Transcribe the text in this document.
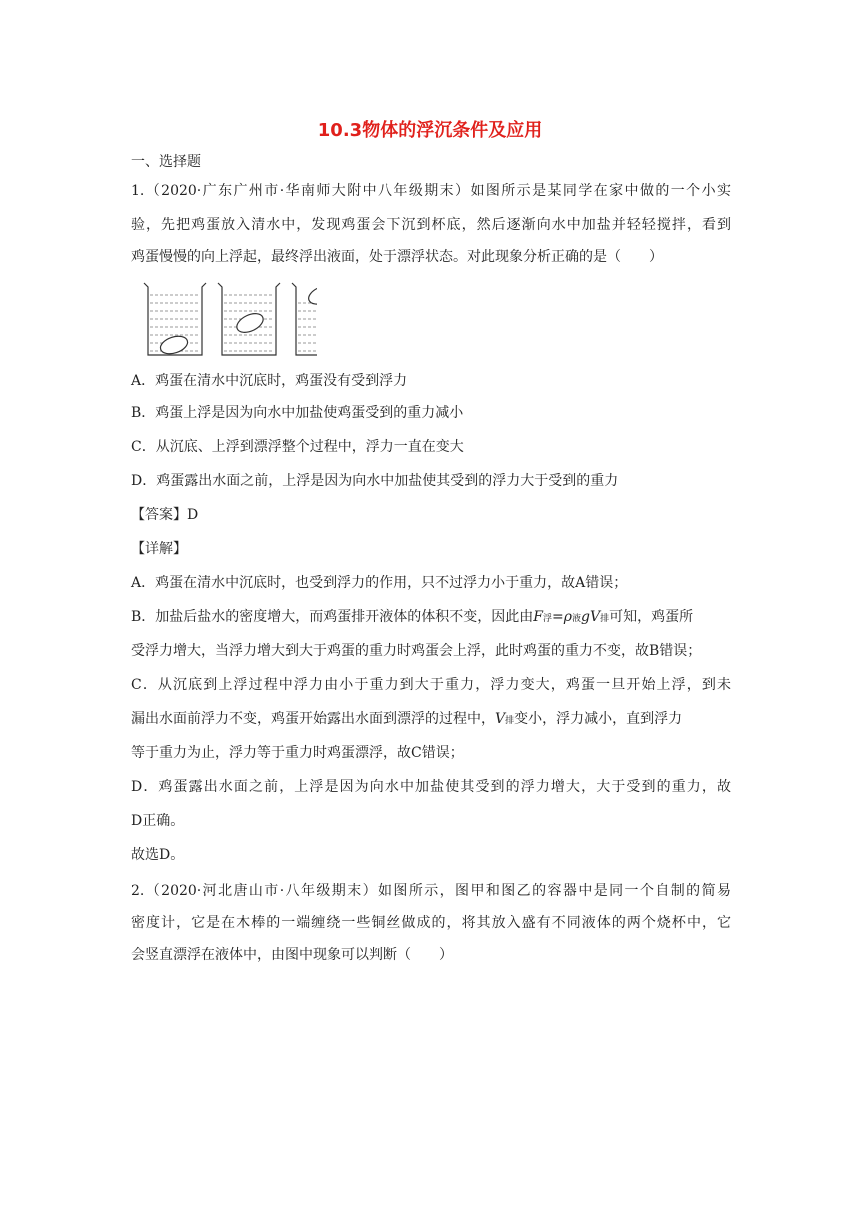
10.3物体的浮沉条件及应用
一、选择题
1.（2020·广东广州市·华南师大附中八年级期末）如图所示是某同学在家中做的一个小实
验，先把鸡蛋放入清水中，发现鸡蛋会下沉到杯底，然后逐渐向水中加盐并轻轻搅拌，看到
鸡蛋慢慢的向上浮起，最终浮出液面，处于漂浮状态。对此现象分析正确的是（　　）
A．鸡蛋在清水中沉底时，鸡蛋没有受到浮力
B．鸡蛋上浮是因为向水中加盐使鸡蛋受到的重力减小
C．从沉底、上浮到漂浮整个过程中，浮力一直在变大
D．鸡蛋露出水面之前，上浮是因为向水中加盐使其受到的浮力大于受到的重力
【答案】D
【详解】
A．鸡蛋在清水中沉底时，也受到浮力的作用，只不过浮力小于重力，故A错误；
B．加盐后盐水的密度增大，而鸡蛋排开液体的体积不变，因此由F浮=ρ液gV排可知，鸡蛋所
受浮力增大，当浮力增大到大于鸡蛋的重力时鸡蛋会上浮，此时鸡蛋的重力不变，故B错误；
C．从沉底到上浮过程中浮力由小于重力到大于重力，浮力变大，鸡蛋一旦开始上浮，到未
漏出水面前浮力不变，鸡蛋开始露出水面到漂浮的过程中，V排变小，浮力减小，直到浮力
等于重力为止，浮力等于重力时鸡蛋漂浮，故C错误；
D．鸡蛋露出水面之前，上浮是因为向水中加盐使其受到的浮力增大，大于受到的重力，故
D正确。
故选D。
2.（2020·河北唐山市·八年级期末）如图所示，图甲和图乙的容器中是同一个自制的简易
密度计，它是在木棒的一端缠绕一些铜丝做成的，将其放入盛有不同液体的两个烧杯中，它
会竖直漂浮在液体中，由图中现象可以判断（　　）
